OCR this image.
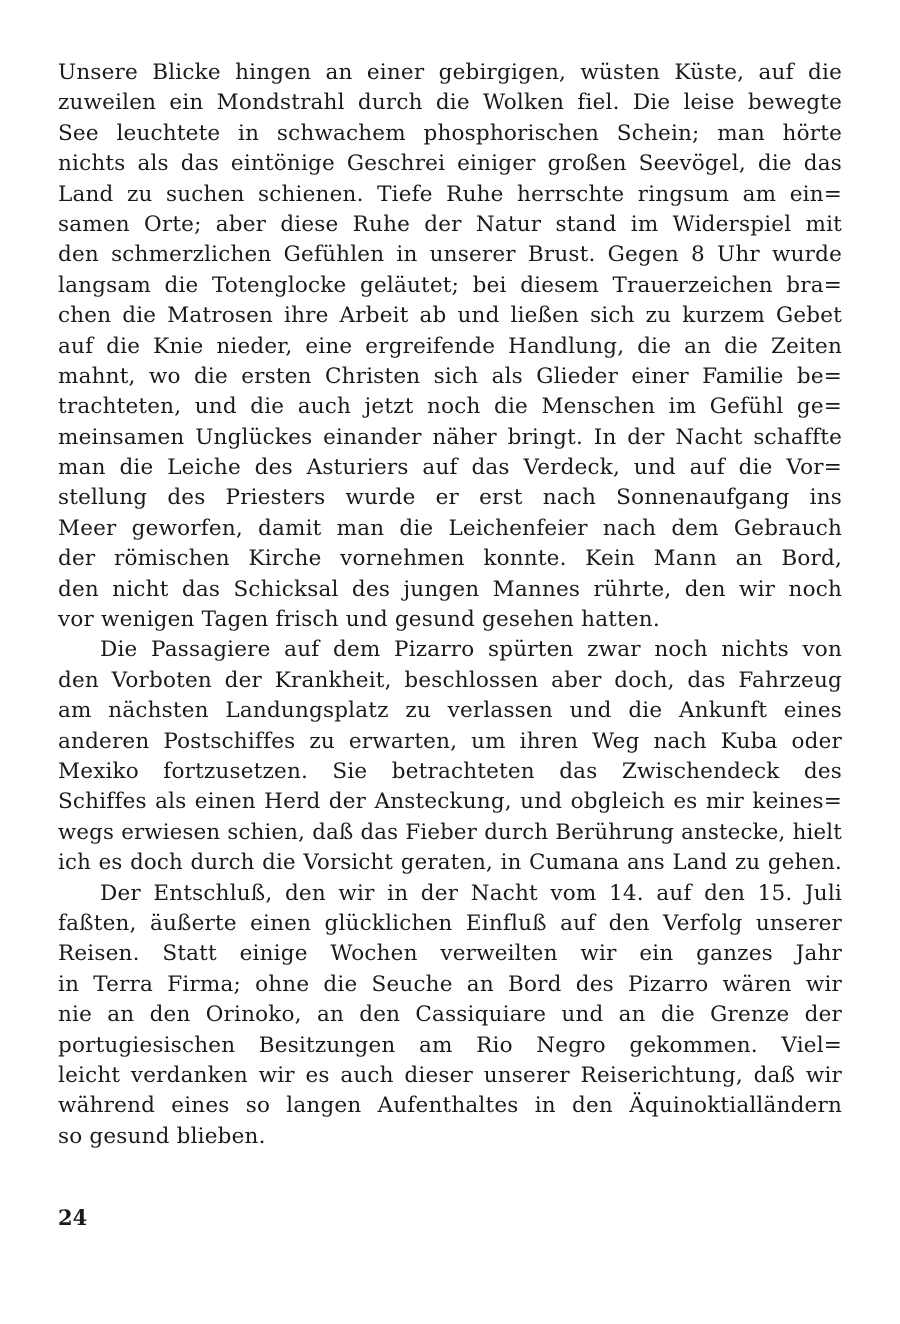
Unsere Blicke hingen an einer gebirgigen, wüsten Küste, auf die
zuweilen ein Mondstrahl durch die Wolken fiel. Die leise bewegte
See leuchtete in schwachem phosphorischen Schein; man hörte
nichts als das eintönige Geschrei einiger großen Seevögel, die das
Land zu suchen schienen. Tiefe Ruhe herrschte ringsum am ein=
samen Orte; aber diese Ruhe der Natur stand im Widerspiel mit
den schmerzlichen Gefühlen in unserer Brust. Gegen 8 Uhr wurde
langsam die Totenglocke geläutet; bei diesem Trauerzeichen bra=
chen die Matrosen ihre Arbeit ab und ließen sich zu kurzem Gebet
auf die Knie nieder, eine ergreifende Handlung, die an die Zeiten
mahnt, wo die ersten Christen sich als Glieder einer Familie be=
trachteten, und die auch jetzt noch die Menschen im Gefühl ge=
meinsamen Unglückes einander näher bringt. In der Nacht schaffte
man die Leiche des Asturiers auf das Verdeck, und auf die Vor=
stellung des Priesters wurde er erst nach Sonnenaufgang ins
Meer geworfen, damit man die Leichenfeier nach dem Gebrauch
der römischen Kirche vornehmen konnte. Kein Mann an Bord,
den nicht das Schicksal des jungen Mannes rührte, den wir noch
vor wenigen Tagen frisch und gesund gesehen hatten.
Die Passagiere auf dem Pizarro spürten zwar noch nichts von
den Vorboten der Krankheit, beschlossen aber doch, das Fahrzeug
am nächsten Landungsplatz zu verlassen und die Ankunft eines
anderen Postschiffes zu erwarten, um ihren Weg nach Kuba oder
Mexiko fortzusetzen. Sie betrachteten das Zwischendeck des
Schiffes als einen Herd der Ansteckung, und obgleich es mir keines=
wegs erwiesen schien, daß das Fieber durch Berührung anstecke, hielt
ich es doch durch die Vorsicht geraten, in Cumana ans Land zu gehen.
Der Entschluß, den wir in der Nacht vom 14. auf den 15. Juli
faßten, äußerte einen glücklichen Einfluß auf den Verfolg unserer
Reisen. Statt einige Wochen verweilten wir ein ganzes Jahr
in Terra Firma; ohne die Seuche an Bord des Pizarro wären wir
nie an den Orinoko, an den Cassiquiare und an die Grenze der
portugiesischen Besitzungen am Rio Negro gekommen. Viel=
leicht verdanken wir es auch dieser unserer Reiserichtung, daß wir
während eines so langen Aufenthaltes in den Äquinoktialländern
so gesund blieben.
24
